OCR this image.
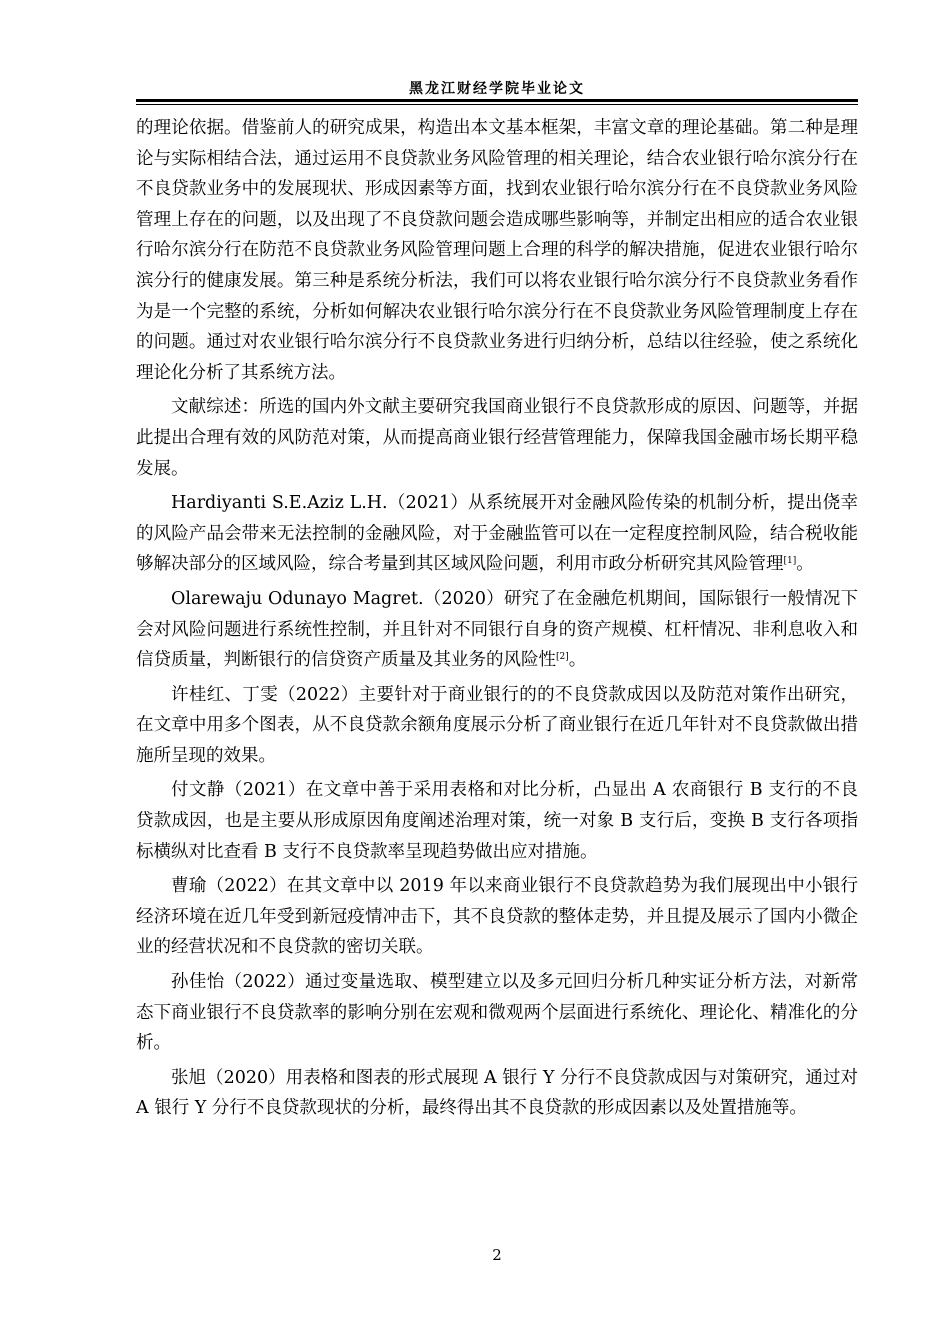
黑龙江财经学院毕业论文

的理论依据。借鉴前人的研究成果，构造出本文基本框架，丰富文章的理论基础。第二种是理论与实际相结合法，通过运用不良贷款业务风险管理的相关理论，结合农业银行哈尔滨分行在不良贷款业务中的发展现状、形成因素等方面，找到农业银行哈尔滨分行在不良贷款业务风险管理上存在的问题，以及出现了不良贷款问题会造成哪些影响等，并制定出相应的适合农业银行哈尔滨分行在防范不良贷款业务风险管理问题上合理的科学的解决措施，促进农业银行哈尔滨分行的健康发展。第三种是系统分析法，我们可以将农业银行哈尔滨分行不良贷款业务看作为是一个完整的系统，分析如何解决农业银行哈尔滨分行在不良贷款业务风险管理制度上存在的问题。通过对农业银行哈尔滨分行不良贷款业务进行归纳分析，总结以往经验，使之系统化理论化分析了其系统方法。

文献综述：所选的国内外文献主要研究我国商业银行不良贷款形成的原因、问题等，并据此提出合理有效的风防范对策，从而提高商业银行经营管理能力，保障我国金融市场长期平稳发展。

Hardiyanti S.E.Aziz L.H.（2021）从系统展开对金融风险传染的机制分析，提出侥幸的风险产品会带来无法控制的金融风险，对于金融监管可以在一定程度控制风险，结合税收能够解决部分的区域风险，综合考量到其区域风险问题，利用市政分析研究其风险管理[1]。

Olarewaju Odunayo Magret.（2020）研究了在金融危机期间，国际银行一般情况下会对风险问题进行系统性控制，并且针对不同银行自身的资产规模、杠杆情况、非利息收入和信贷质量，判断银行的信贷资产质量及其业务的风险性[2]。

许桂红、丁雯（2022）主要针对于商业银行的的不良贷款成因以及防范对策作出研究，在文章中用多个图表，从不良贷款余额角度展示分析了商业银行在近几年针对不良贷款做出措施所呈现的效果。

付文静（2021）在文章中善于采用表格和对比分析，凸显出 A 农商银行 B 支行的不良贷款成因，也是主要从形成原因角度阐述治理对策，统一对象 B 支行后，变换 B 支行各项指标横纵对比查看 B 支行不良贷款率呈现趋势做出应对措施。

曹瑜（2022）在其文章中以 2019 年以来商业银行不良贷款趋势为我们展现出中小银行经济环境在近几年受到新冠疫情冲击下，其不良贷款的整体走势，并且提及展示了国内小微企业的经营状况和不良贷款的密切关联。

孙佳怡（2022）通过变量选取、模型建立以及多元回归分析几种实证分析方法，对新常态下商业银行不良贷款率的影响分别在宏观和微观两个层面进行系统化、理论化、精准化的分析。

张旭（2020）用表格和图表的形式展现 A 银行 Y 分行不良贷款成因与对策研究，通过对 A 银行 Y 分行不良贷款现状的分析，最终得出其不良贷款的形成因素以及处置措施等。

2
